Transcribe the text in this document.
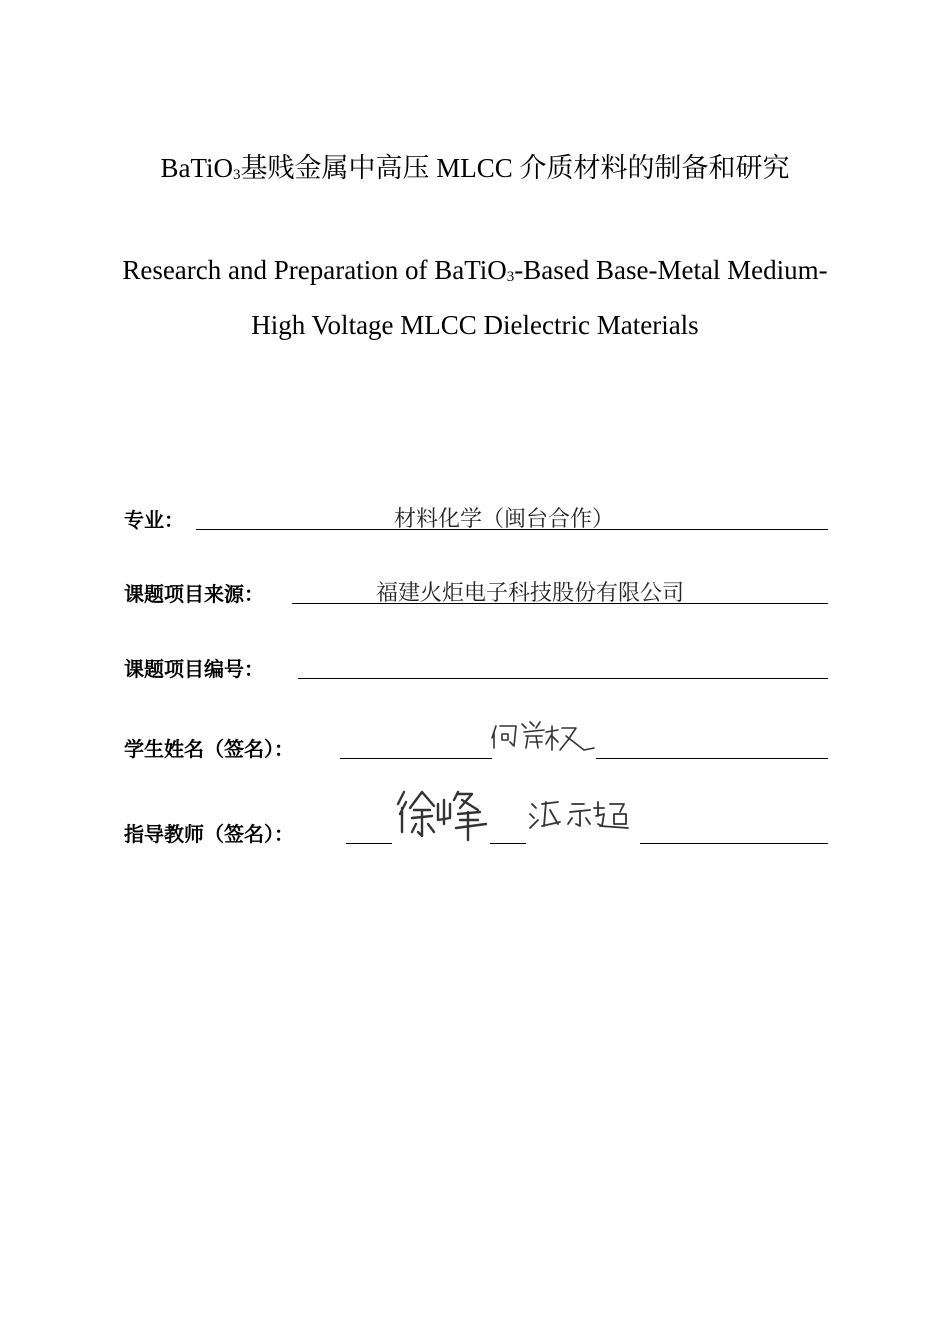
BaTiO$_3$基贱金属中高压 MLCC 介质材料的制备和研究
Research and Preparation of BaTiO$_3$-Based Base-Metal Medium-
High Voltage MLCC Dielectric Materials
专业：	材料化学（闽台合作）
课题项目来源：	福建火炬电子科技股份有限公司
课题项目编号：
学生姓名（签名）：
指导教师（签名）：
